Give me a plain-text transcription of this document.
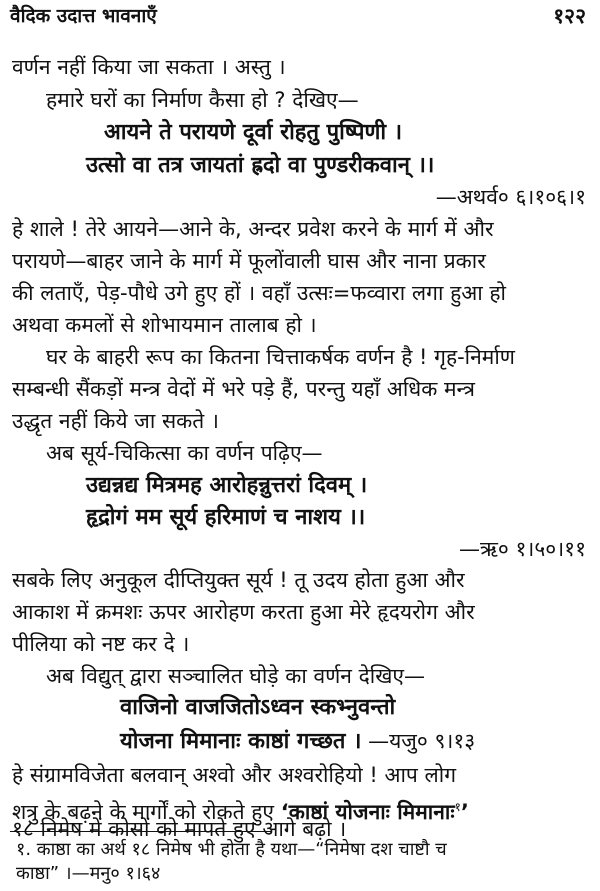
वैदिक उदात्त भावनाएँ	१२२
वर्णन नहीं किया जा सकता । अस्तु ।
हमारे घरों का निर्माण कैसा हो ? देखिए—
आयने ते परायणे दूर्वा रोहतु पुष्पिणी ।
उत्सो वा तत्र जायतां ह्रदो वा पुण्डरीकवान् ।।
—अथर्व० ६।१०६।१
हे शाले ! तेरे आयने—आने के, अन्दर प्रवेश करने के मार्ग में और
परायणे—बाहर जाने के मार्ग में फूलोंवाली घास और नाना प्रकार
की लताएँ, पेड़-पौधे उगे हुए हों । वहाँ उत्सः=फव्वारा लगा हुआ हो
अथवा कमलों से शोभायमान तालाब हो ।
घर के बाहरी रूप का कितना चित्ताकर्षक वर्णन है ! गृह-निर्माण
सम्बन्धी सैंकड़ों मन्त्र वेदों में भरे पड़े हैं, परन्तु यहाँ अधिक मन्त्र
उद्धृत नहीं किये जा सकते ।
अब सूर्य-चिकित्सा का वर्णन पढ़िए—
उद्यन्नद्य मित्रमह आरोहन्नुत्तरां दिवम् ।
हृद्रोगं मम सूर्य हरिमाणं च नाशय ।।
—ऋ० १।५०।११
सबके लिए अनुकूल दीप्तियुक्त सूर्य ! तू उदय होता हुआ और
आकाश में क्रमशः ऊपर आरोहण करता हुआ मेरे हृदयरोग और
पीलिया को नष्ट कर दे ।
अब विद्युत् द्वारा सञ्चालित घोड़े का वर्णन देखिए—
वाजिनो वाजजितोऽध्वन स्कभ्नुवन्तो
योजना मिमानाः काष्ठां गच्छत । —यजु० ९।१३
हे संग्रामविजेता बलवान् अश्वो और अश्वरोहियो ! आप लोग
शत्रु के बढ़ने के मार्गों को रोकते हुए ‘काष्ठां योजनाः मिमानाः$^१$’
१८ निमेष में कोसों को मापते हुए आगे बढ़ो ।
१. काष्ठा का अर्थ १८ निमेष भी होता है यथा—“निमेषा दश चाष्टौ च
काष्ठा” ।—मनु० १।६४
